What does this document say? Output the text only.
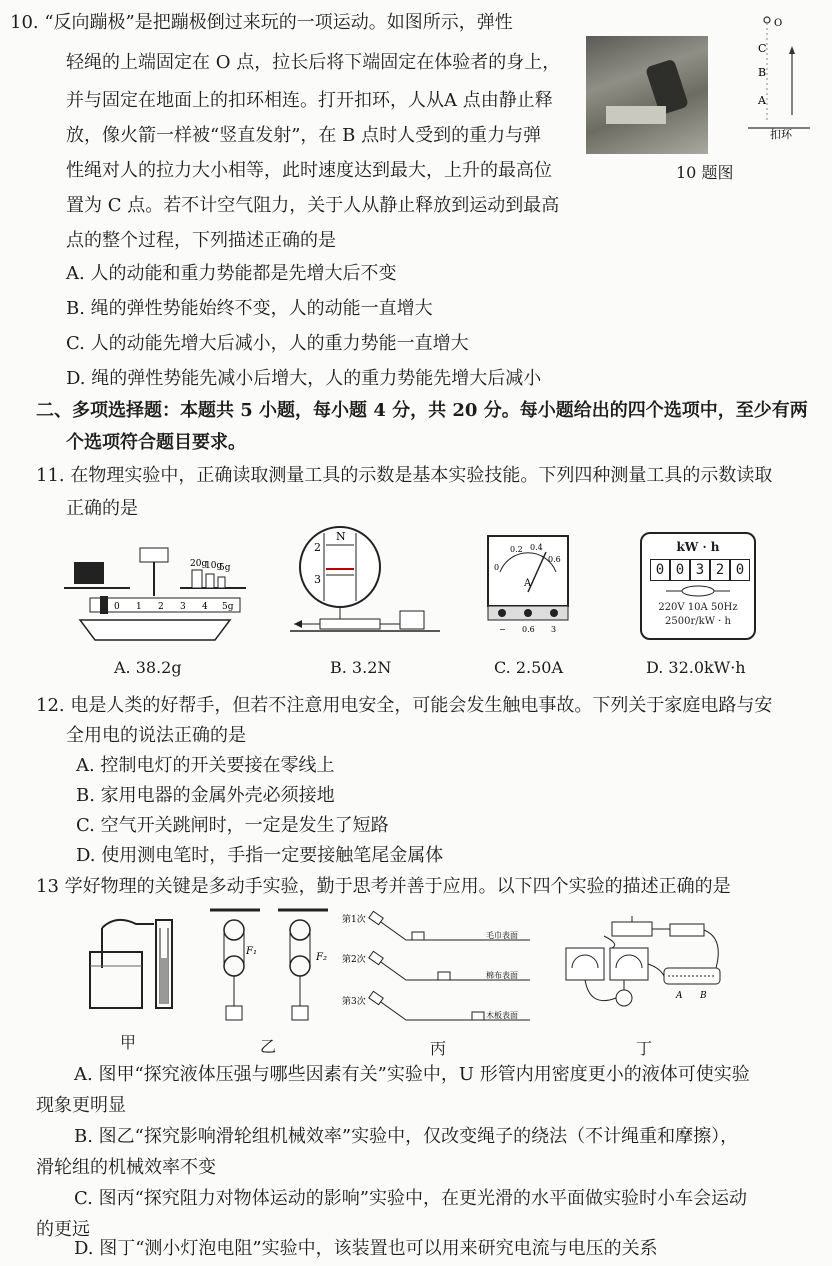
10. “反向蹦极”是把蹦极倒过来玩的一项运动。如图所示，弹性
轻绳的上端固定在 O 点，拉长后将下端固定在体验者的身上，
并与固定在地面上的扣环相连。打开扣环，人从A 点由静止释
放，像火箭一样被“竖直发射”，在 B 点时人受到的重力与弹
性绳对人的拉力大小相等，此时速度达到最大，上升的最高位
置为 C 点。若不计空气阻力，关于人从静止释放到运动到最高
点的整个过程，下列描述正确的是
A. 人的动能和重力势能都是先增大后不变
B. 绳的弹性势能始终不变，人的动能一直增大
C. 人的动能先增大后减小，人的重力势能一直增大
D. 绳的弹性势能先减小后增大，人的重力势能先增大后减小
10 题图
C
B
A
O
扣环
二、多项选择题：本题共 5 小题，每小题 4 分，共 20 分。每小题给出的四个选项中，至少有两
个选项符合题目要求。
11. 在物理实验中，正确读取测量工具的示数是基本实验技能。下列四种测量工具的示数读取
正确的是
20g
10g
5g
0 1 2 3 4 5g
A. 38.2g
N
2
3
B. 3.2N
0
0.2 0.4
0.6
A
− 0.6 3
C. 2.50A
kW · h
0 0 3 2 0
220V 10A 50Hz
2500r/kW · h
D. 32.0kW·h
12. 电是人类的好帮手，但若不注意用电安全，可能会发生触电事故。下列关于家庭电路与安
全用电的说法正确的是
A. 控制电灯的开关要接在零线上
B. 家用电器的金属外壳必须接地
C. 空气开关跳闸时，一定是发生了短路
D. 使用测电笔时，手指一定要接触笔尾金属体
13 学好物理的关键是多动手实验，勤于思考并善于应用。以下四个实验的描述正确的是
甲
F₁
F₂
乙
第1次
第2次
第3次
毛巾表面
棉布表面
木板表面
丙
A B
丁
A. 图甲“探究液体压强与哪些因素有关”实验中，U 形管内用密度更小的液体可使实验
现象更明显
B. 图乙“探究影响滑轮组机械效率”实验中，仅改变绳子的绕法（不计绳重和摩擦），
滑轮组的机械效率不变
C. 图丙“探究阻力对物体运动的影响”实验中，在更光滑的水平面做实验时小车会运动
的更远
D. 图丁“测小灯泡电阻”实验中，该装置也可以用来研究电流与电压的关系
